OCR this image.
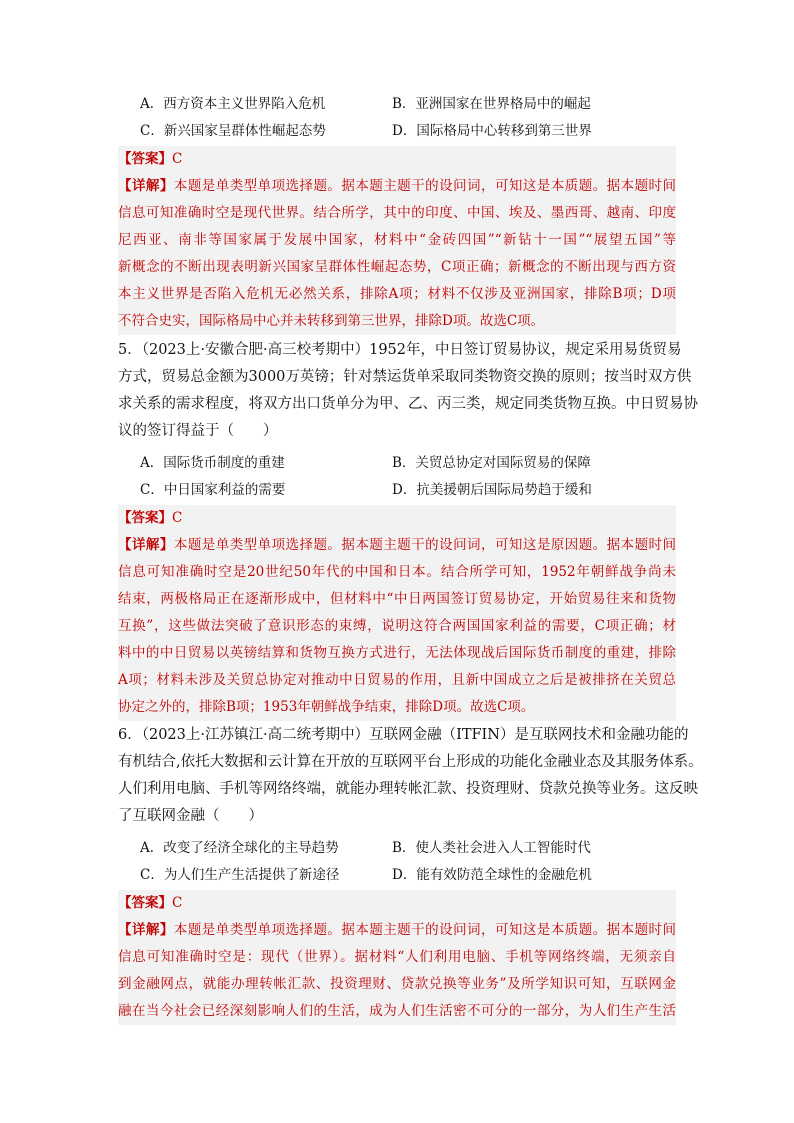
A．西方资本主义世界陷入危机	B．亚洲国家在世界格局中的崛起
C．新兴国家呈群体性崛起态势	D．国际格局中心转移到第三世界
【答案】C
【详解】本题是单类型单项选择题。据本题主题干的设问词，可知这是本质题。据本题时间
信息可知准确时空是现代世界。结合所学，其中的印度、中国、埃及、墨西哥、越南、印度
尼西亚、南非等国家属于发展中国家，材料中“金砖四国”“新钻十一国”“展望五国”等
新概念的不断出现表明新兴国家呈群体性崛起态势，C项正确；新概念的不断出现与西方资
本主义世界是否陷入危机无必然关系，排除A项；材料不仅涉及亚洲国家，排除B项；D项
不符合史实，国际格局中心并未转移到第三世界，排除D项。故选C项。
5．（2023上·安徽合肥·高三校考期中）1952年，中日签订贸易协议，规定采用易货贸易
方式，贸易总金额为3000万英镑；针对禁运货单采取同类物资交换的原则；按当时双方供
求关系的需求程度，将双方出口货单分为甲、乙、丙三类，规定同类货物互换。中日贸易协
议的签订得益于（　　）
A．国际货币制度的重建	B．关贸总协定对国际贸易的保障
C．中日国家利益的需要	D．抗美援朝后国际局势趋于缓和
【答案】C
【详解】本题是单类型单项选择题。据本题主题干的设问词，可知这是原因题。据本题时间
信息可知准确时空是20世纪50年代的中国和日本。结合所学可知，1952年朝鲜战争尚未
结束，两极格局正在逐渐形成中，但材料中“中日两国签订贸易协定，开始贸易往来和货物
互换”，这些做法突破了意识形态的束缚，说明这符合两国国家利益的需要，C项正确；材
料中的中日贸易以英镑结算和货物互换方式进行，无法体现战后国际货币制度的重建，排除
A项；材料未涉及关贸总协定对推动中日贸易的作用，且新中国成立之后是被排挤在关贸总
协定之外的，排除B项；1953年朝鲜战争结束，排除D项。故选C项。
6．（2023上·江苏镇江·高二统考期中）互联网金融（ITFIN）是互联网技术和金融功能的
有机结合,依托大数据和云计算在开放的互联网平台上形成的功能化金融业态及其服务体系。
人们利用电脑、手机等网络终端，就能办理转帐汇款、投资理财、贷款兑换等业务。这反映
了互联网金融（　　）
A．改变了经济全球化的主导趋势	B．使人类社会进入人工智能时代
C．为人们生产生活提供了新途径	D．能有效防范全球性的金融危机
【答案】C
【详解】本题是单类型单项选择题。据本题主题干的设问词，可知这是本质题。据本题时间
信息可知准确时空是：现代（世界）。据材料“人们利用电脑、手机等网络终端，无须亲自
到金融网点，就能办理转帐汇款、投资理财、贷款兑换等业务”及所学知识可知，互联网金
融在当今社会已经深刻影响人们的生活，成为人们生活密不可分的一部分，为人们生产生活
